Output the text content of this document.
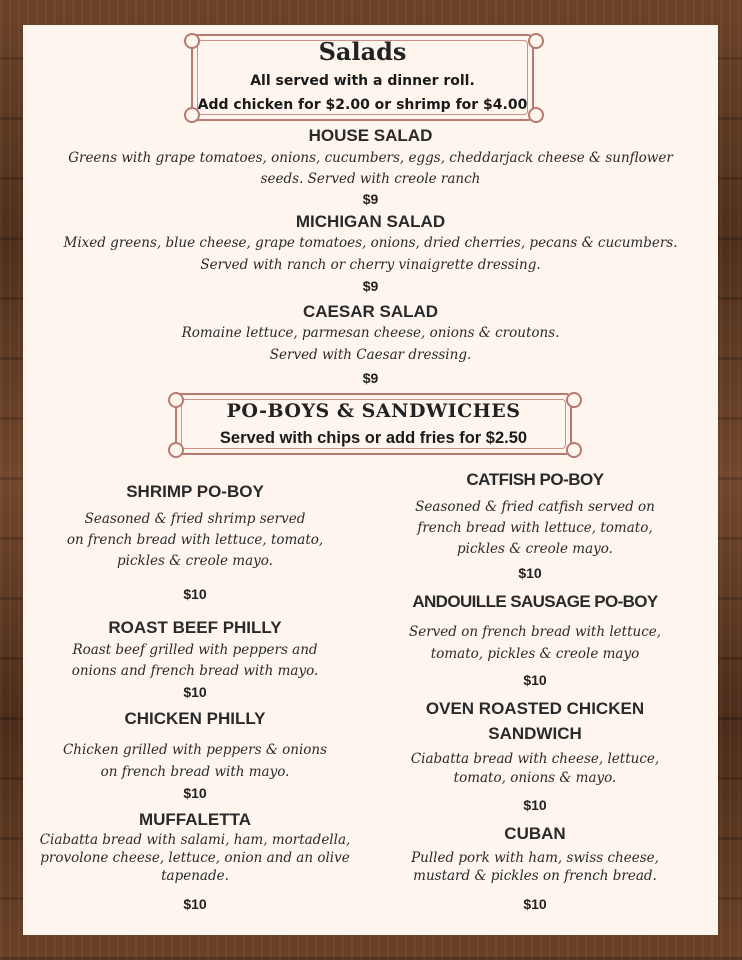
Salads
All served with a dinner roll.
Add chicken for $2.00 or shrimp for $4.00
HOUSE SALAD
Greens with grape tomatoes, onions, cucumbers, eggs, cheddarjack cheese & sunflower
seeds. Served with creole ranch
$9
MICHIGAN SALAD
Mixed greens, blue cheese, grape tomatoes, onions, dried cherries, pecans & cucumbers.
Served with ranch or cherry vinaigrette dressing.
$9
CAESAR SALAD
Romaine lettuce, parmesan cheese, onions & croutons.
Served with Caesar dressing.
$9
PO-BOYS & SANDWICHES
Served with chips or add fries for $2.50
SHRIMP PO-BOY
Seasoned & fried shrimp served
on french bread with lettuce, tomato,
pickles & creole mayo.
$10
ROAST BEEF PHILLY
Roast beef grilled with peppers and
onions and french bread with mayo.
$10
CHICKEN PHILLY
Chicken grilled with peppers & onions
on french bread with mayo.
$10
MUFFALETTA
Ciabatta bread with salami, ham, mortadella,
provolone cheese, lettuce, onion and an olive
tapenade.
$10
CATFISH PO-BOY
Seasoned & fried catfish served on
french bread with lettuce, tomato,
pickles & creole mayo.
$10
ANDOUILLE SAUSAGE PO-BOY
Served on french bread with lettuce,
tomato, pickles & creole mayo
$10
OVEN ROASTED CHICKEN
SANDWICH
Ciabatta bread with cheese, lettuce,
tomato, onions & mayo.
$10
CUBAN
Pulled pork with ham, swiss cheese,
mustard & pickles on french bread.
$10
